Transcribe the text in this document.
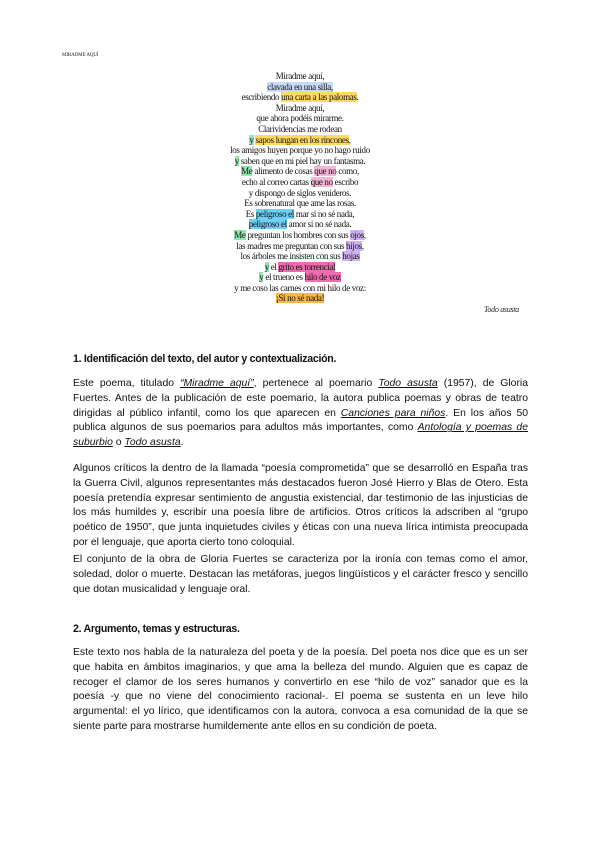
MIRADME AQUÍ
Miradme aquí,
clavada en una silla,
escribiendo una carta a las palomas.
Miradme aquí,
que ahora podéis mirarme.
Clarividencias me rodean
y sapos lungan en los rincones,
los amigos huyen porque yo no hago ruido
y saben que en mi piel hay un fantasma.
Me alimento de cosas que no como,
echo al correo cartas que no escribo
y dispongo de siglos venideros.
Es sobrenatural que ame las rosas.
Es peligroso el mar si no sé nada,
peligroso el amor si no sé nada.
Me preguntan los hombres con sus ojos,
las madres me preguntan con sus hijos,
los árboles me insisten con sus hojas
y el grito es torrencial
y el trueno es hilo de voz
y me coso las carnes con mi hilo de voz:
¡Si no sé nada!
Todo asusta
1. Identificación del texto, del autor y contextualización.

Este poema, titulado “Miradme aquí”, pertenece al poemario Todo asusta (1957), de Gloria Fuertes. Antes de la publicación de este poemario, la autora publica poemas y obras de teatro dirigidas al público infantil, como los que aparecen en Canciones para niños. En los años 50 publica algunos de sus poemarios para adultos más importantes, como Antología y poemas de suburbio o Todo asusta.

Algunos críticos la dentro de la llamada “poesía comprometida” que se desarrolló en España tras la Guerra Civil, algunos representantes más destacados fueron José Hierro y Blas de Otero. Esta poesía pretendía expresar sentimiento de angustia existencial, dar testimonio de las injusticias de los más humildes y, escribir una poesía libre de artificios. Otros críticos la adscriben al “grupo poético de 1950”, que junta inquietudes civiles y éticas con una nueva lírica intimista preocupada por el lenguaje, que aporta cierto tono coloquial.

El conjunto de la obra de Gloria Fuertes se caracteriza por la ironía con temas como el amor, soledad, dolor o muerte. Destacan las metáforas, juegos lingüísticos y el carácter fresco y sencillo que dotan musicalidad y lenguaje oral.

2. Argumento, temas y estructuras.

Este texto nos habla de la naturaleza del poeta y de la poesía. Del poeta nos dice que es un ser que habita en ámbitos imaginarios, y que ama la belleza del mundo. Alguien que es capaz de recoger el clamor de los seres humanos y convertirlo en ese “hilo de voz” sanador que es la poesía -y que no viene del conocimiento racional-. El poema se sustenta en un leve hilo argumental: el yo lírico, que identificamos con la autora, convoca a esa comunidad de la que se siente parte para mostrarse humildemente ante ellos en su condición de poeta.
